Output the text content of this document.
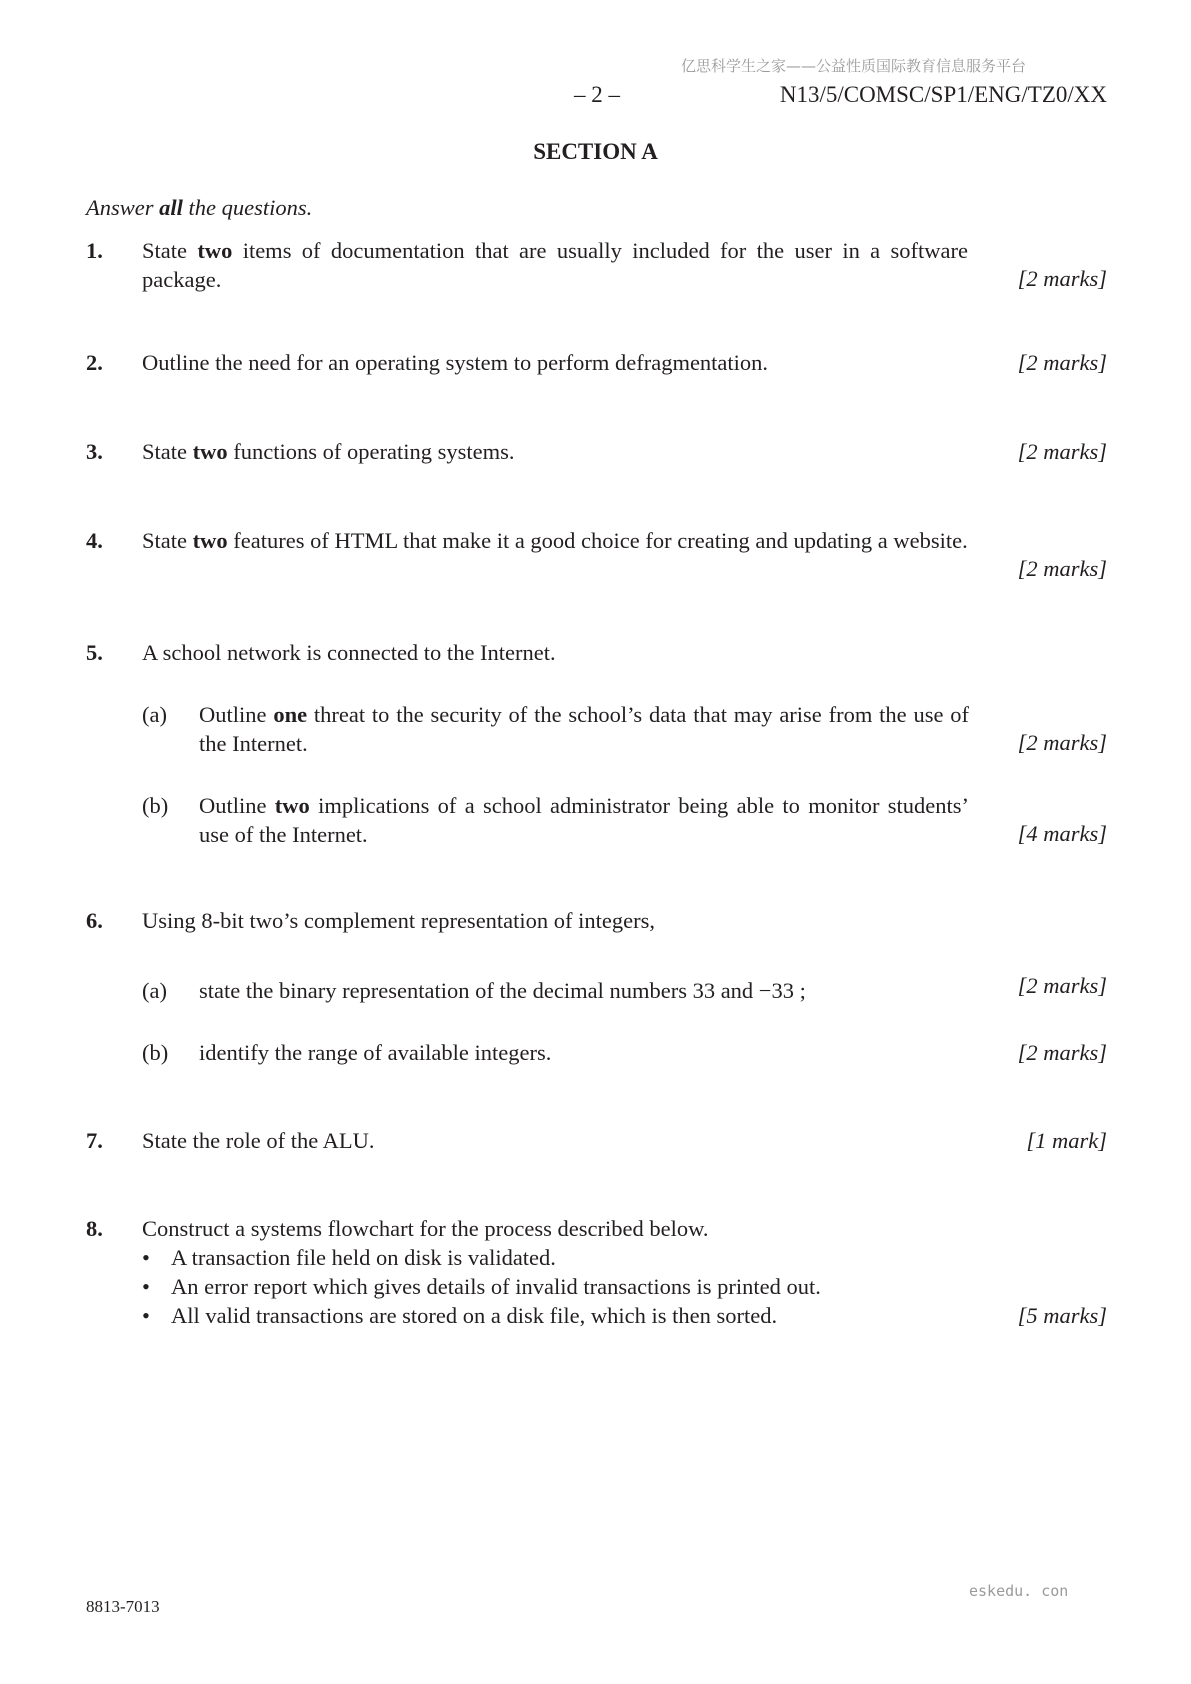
亿思科学生之家——公益性质国际教育信息服务平台
– 2 –	N13/5/COMSC/SP1/ENG/TZ0/XX
SECTION A
Answer all the questions.
1. State two items of documentation that are usually included for the user in a software package.	[2 marks]
2. Outline the need for an operating system to perform defragmentation.	[2 marks]
3. State two functions of operating systems.	[2 marks]
4. State two features of HTML that make it a good choice for creating and updating a website.
[2 marks]
5. A school network is connected to the Internet.
(a) Outline one threat to the security of the school’s data that may arise from the use of the Internet.	[2 marks]
(b) Outline two implications of a school administrator being able to monitor students’ use of the Internet.	[4 marks]
6. Using 8-bit two’s complement representation of integers,
(a) state the binary representation of the decimal numbers 33 and −33 ;	[2 marks]
(b) identify the range of available integers.	[2 marks]
7. State the role of the ALU.	[1 mark]
8. Construct a systems flowchart for the process described below.
• A transaction file held on disk is validated.
• An error report which gives details of invalid transactions is printed out.
• All valid transactions are stored on a disk file, which is then sorted.	[5 marks]
8813-7013
eskedu. con
